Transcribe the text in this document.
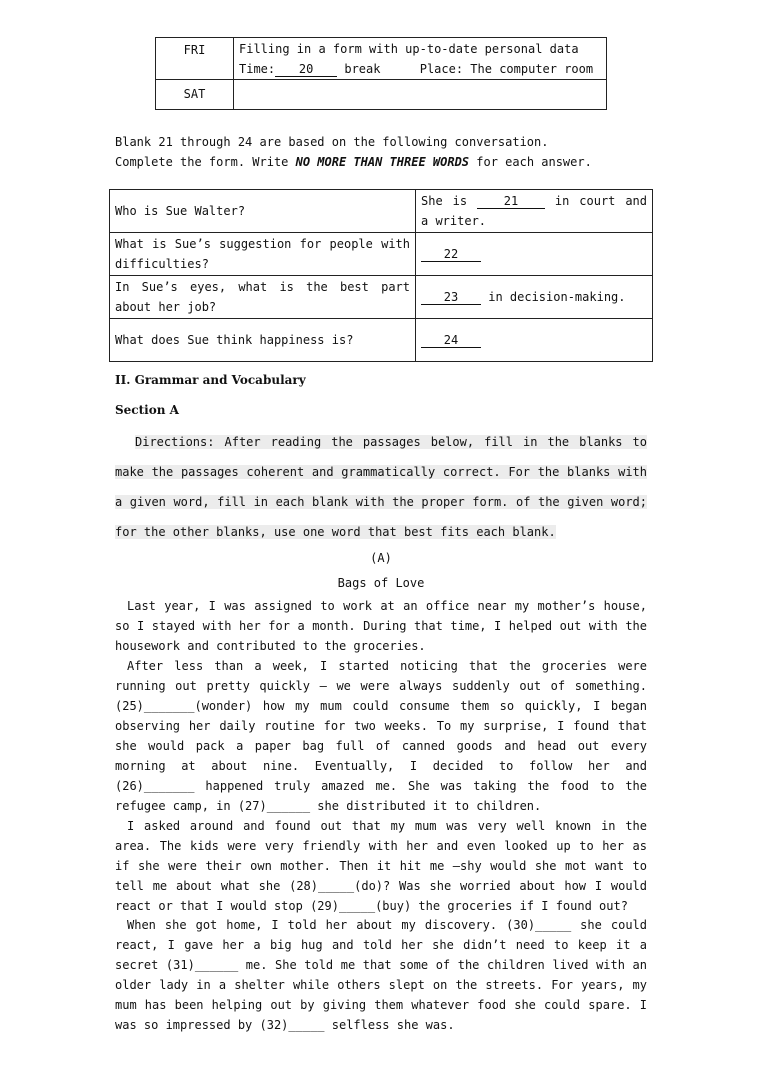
FRI	Filling in a form with up-to-date personal data
Time: 20 break Place: The computer room

SAT	
Blank 21 through 24 are based on the following conversation.
Complete the form. Write NO MORE THAN THREE WORDS for each answer.
Who is Sue Walter?	She is 21 in court and a writer.
What is Sue’s suggestion for people with difficulties?	22
In Sue’s eyes, what is the best part about her job?	23 in decision-making.
What does Sue think happiness is?	24
II. Grammar and Vocabulary
Section A
Directions: After reading the passages below, fill in the blanks to make the passages coherent and grammatically correct. For the blanks with a given word, fill in each blank with the proper form. of the given word; for the other blanks, use one word that best fits each blank.
(A)
Bags of Love
Last year, I was assigned to work at an office near my mother’s house, so I stayed with her for a month. During that time, I helped out with the housework and contributed to the groceries.
After less than a week, I started noticing that the groceries were running out pretty quickly — we were always suddenly out of something. (25)_______(wonder) how my mum could consume them so quickly, I began observing her daily routine for two weeks. To my surprise, I found that she would pack a paper bag full of canned goods and head out every morning at about nine. Eventually, I decided to follow her and (26)_______ happened truly amazed me. She was taking the food to the refugee camp, in (27)______ she distributed it to children.
I asked around and found out that my mum was very well known in the area. The kids were very friendly with her and even looked up to her as if she were their own mother. Then it hit me —shy would she mot want to tell me about what she (28)_____(do)? Was she worried about how I would react or that I would stop (29)_____(buy) the groceries if I found out?
When she got home, I told her about my discovery. (30)_____ she could react, I gave her a big hug and told her she didn’t need to keep it a secret (31)______ me. She told me that some of the children lived with an older lady in a shelter while others slept on the streets. For years, my mum has been helping out by giving them whatever food she could spare. I was so impressed by (32)_____ selfless she was.
